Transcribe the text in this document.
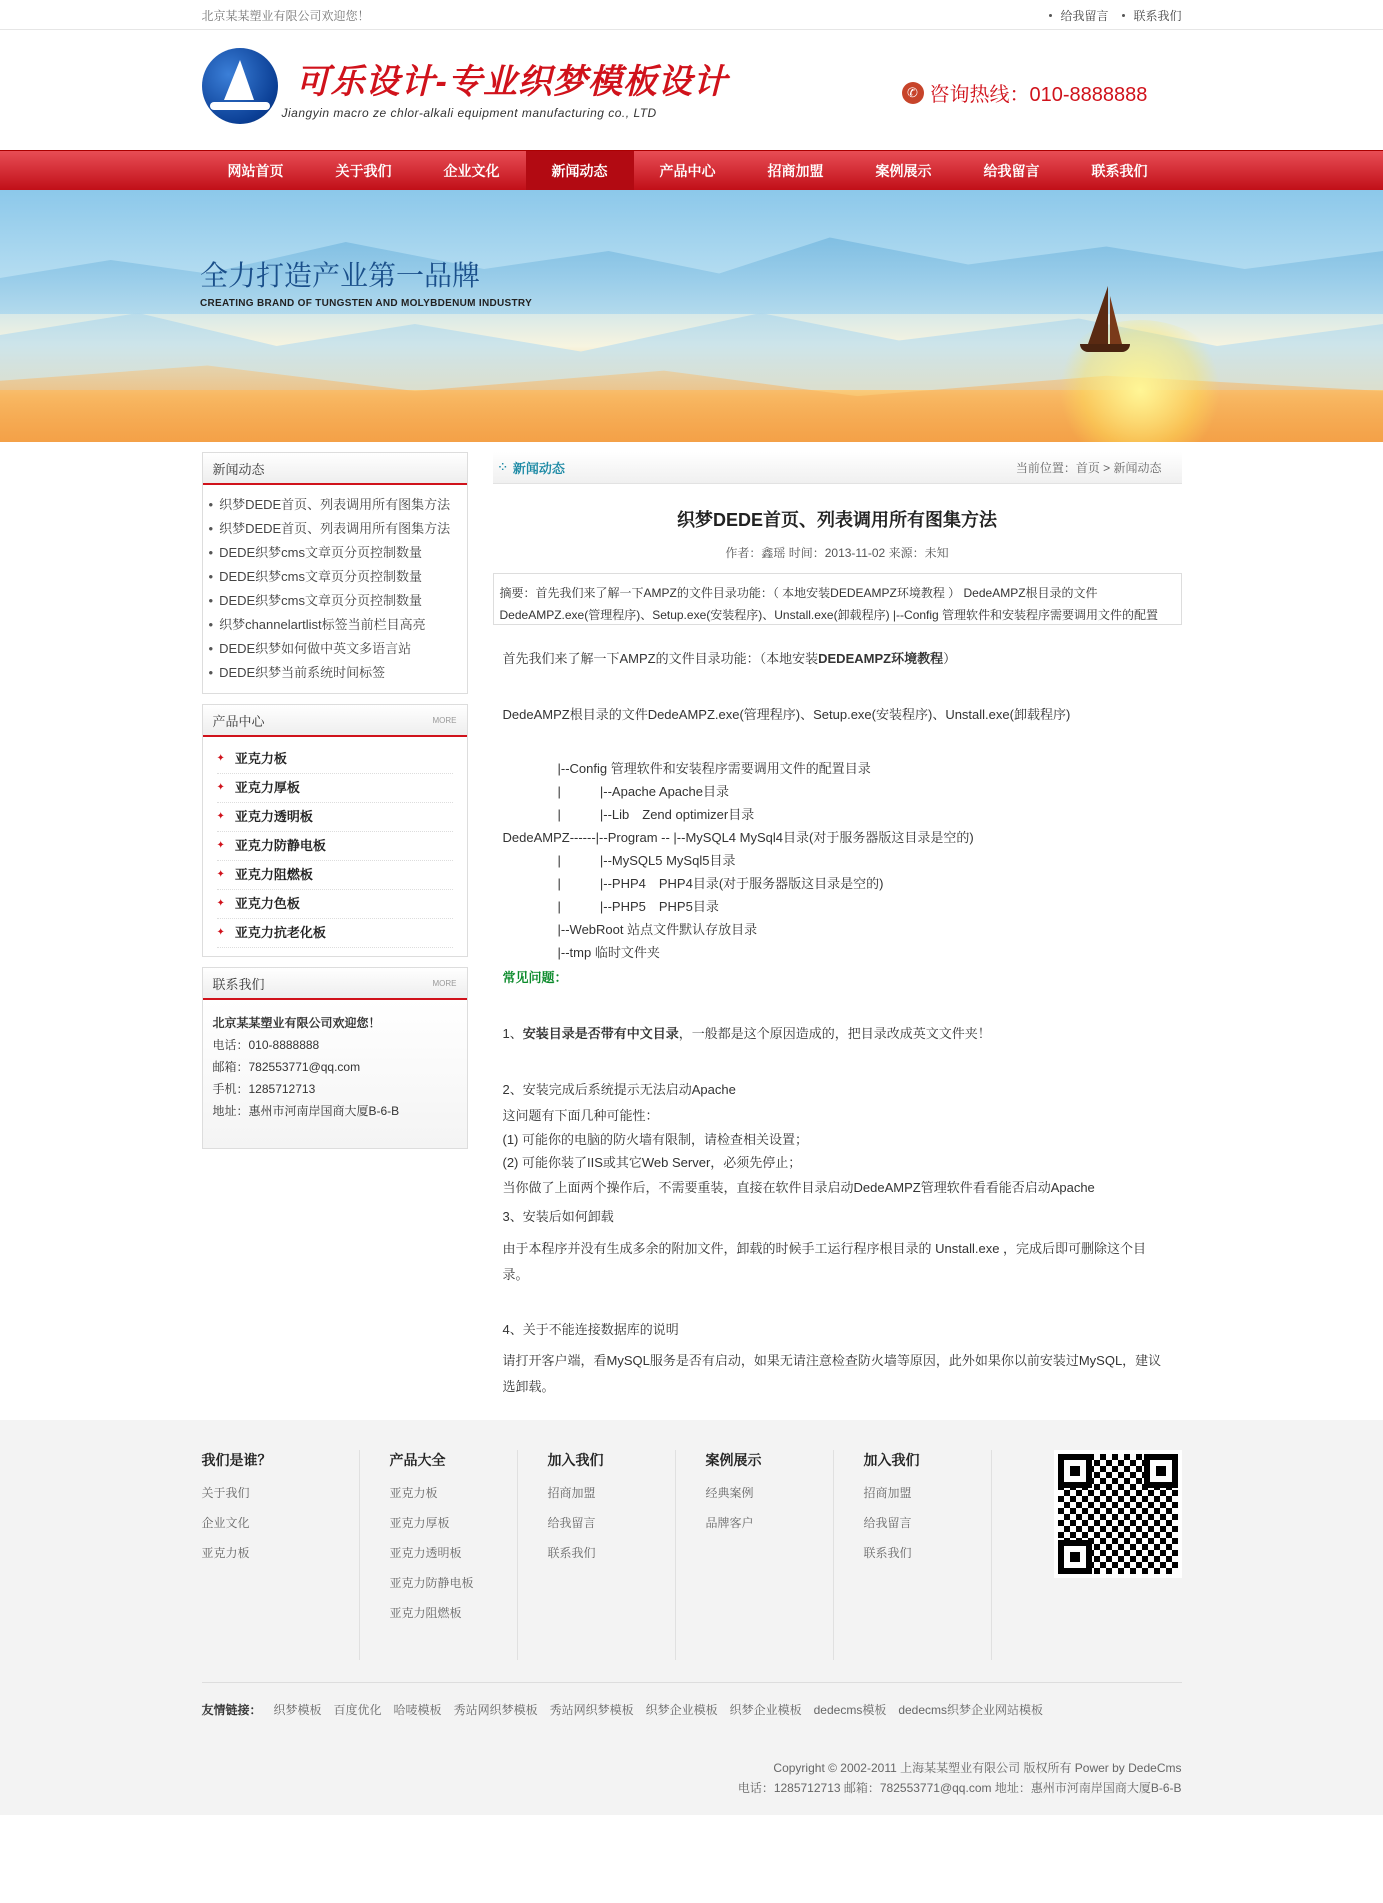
北京某某塑业有限公司欢迎您！	给我留言 联系我们
可乐设计-专业织梦模板设计
Jiangyin macro ze chlor-alkali equipment manufacturing co., LTD
✆ 咨询热线：010-8888888
网站首页	关于我们	企业文化	新闻动态	产品中心	招商加盟	案例展示	给我留言	联系我们
全力打造产业第一品牌
CREATING BRAND OF TUNGSTEN AND MOLYBDENUM INDUSTRY
新闻动态
• 织梦DEDE首页、列表调用所有图集方法
• 织梦DEDE首页、列表调用所有图集方法
• DEDE织梦cms文章页分页控制数量
• DEDE织梦cms文章页分页控制数量
• DEDE织梦cms文章页分页控制数量
• 织梦channelartlist标签当前栏目高亮
• DEDE织梦如何做中英文多语言站
• DEDE织梦当前系统时间标签
产品中心	MORE
✦ 亚克力板
✦ 亚克力厚板
✦ 亚克力透明板
✦ 亚克力防静电板
✦ 亚克力阻燃板
✦ 亚克力色板
✦ 亚克力抗老化板
联系我们	MORE
北京某某塑业有限公司欢迎您！
电话：010-8888888
邮箱：782553771@qq.com
手机：1285712713
地址：惠州市河南岸国商大厦B-6-B
⁘ 新闻动态	当前位置：首页 > 新闻动态
织梦DEDE首页、列表调用所有图集方法
作者：鑫瑶 时间：2013-11-02 来源：未知
摘要：首先我们来了解一下AMPZ的文件目录功能：（ 本地安装DEDEAMPZ环境教程 ） DedeAMPZ根目录的文件DedeAMPZ.exe(管理程序)、Setup.exe(安装程序)、Unstall.exe(卸载程序) |--Config 管理软件和安装程序需要调用文件的配置

首先我们来了解一下AMPZ的文件目录功能：（本地安装DEDEAMPZ环境教程）

DedeAMPZ根目录的文件DedeAMPZ.exe(管理程序)、Setup.exe(安装程序)、Unstall.exe(卸载程序)

|--Config 管理软件和安装程序需要调用文件的配置目录

|　　　|--Apache Apache目录

|　　　|--Lib　Zend optimizer目录

DedeAMPZ------|--Program -- |--MySQL4 MySql4目录(对于服务器版这目录是空的)

|　　　|--MySQL5 MySql5目录

|　　　|--PHP4　PHP4目录(对于服务器版这目录是空的)

|　　　|--PHP5　PHP5目录

|--WebRoot 站点文件默认存放目录

|--tmp 临时文件夹

常见问题：

1、安装目录是否带有中文目录，一般都是这个原因造成的，把目录改成英文文件夹！

2、安装完成后系统提示无法启动Apache

这问题有下面几种可能性：

(1) 可能你的电脑的防火墙有限制，请检查相关设置；

(2) 可能你装了IIS或其它Web Server，必须先停止；

当你做了上面两个操作后，不需要重装，直接在软件目录启动DedeAMPZ管理软件看看能否启动Apache

3、安装后如何卸载

由于本程序并没有生成多余的附加文件，卸载的时候手工运行程序根目录的 Unstall.exe ，完成后即可删除这个目录。

4、关于不能连接数据库的说明

请打开客户端，看MySQL服务是否有启动，如果无请注意检查防火墙等原因，此外如果你以前安装过MySQL，建议选卸载。

我们是谁？

关于我们

企业文化

亚克力板

产品大全

亚克力板

亚克力厚板

亚克力透明板

亚克力防静电板

亚克力阻燃板

加入我们

招商加盟

给我留言

联系我们

案例展示

经典案例

品牌客户

加入我们

招商加盟

给我留言

联系我们

友情链接： 织梦模板 百度优化 哈唛模板 秀站网织梦模板 秀站网织梦模板 织梦企业模板 织梦企业模板 dedecms模板 dedecms织梦企业网站模板
Copyright © 2002-2011 上海某某塑业有限公司 版权所有 Power by DedeCms
电话：1285712713 邮箱：782553771@qq.com 地址：惠州市河南岸国商大厦B-6-B
